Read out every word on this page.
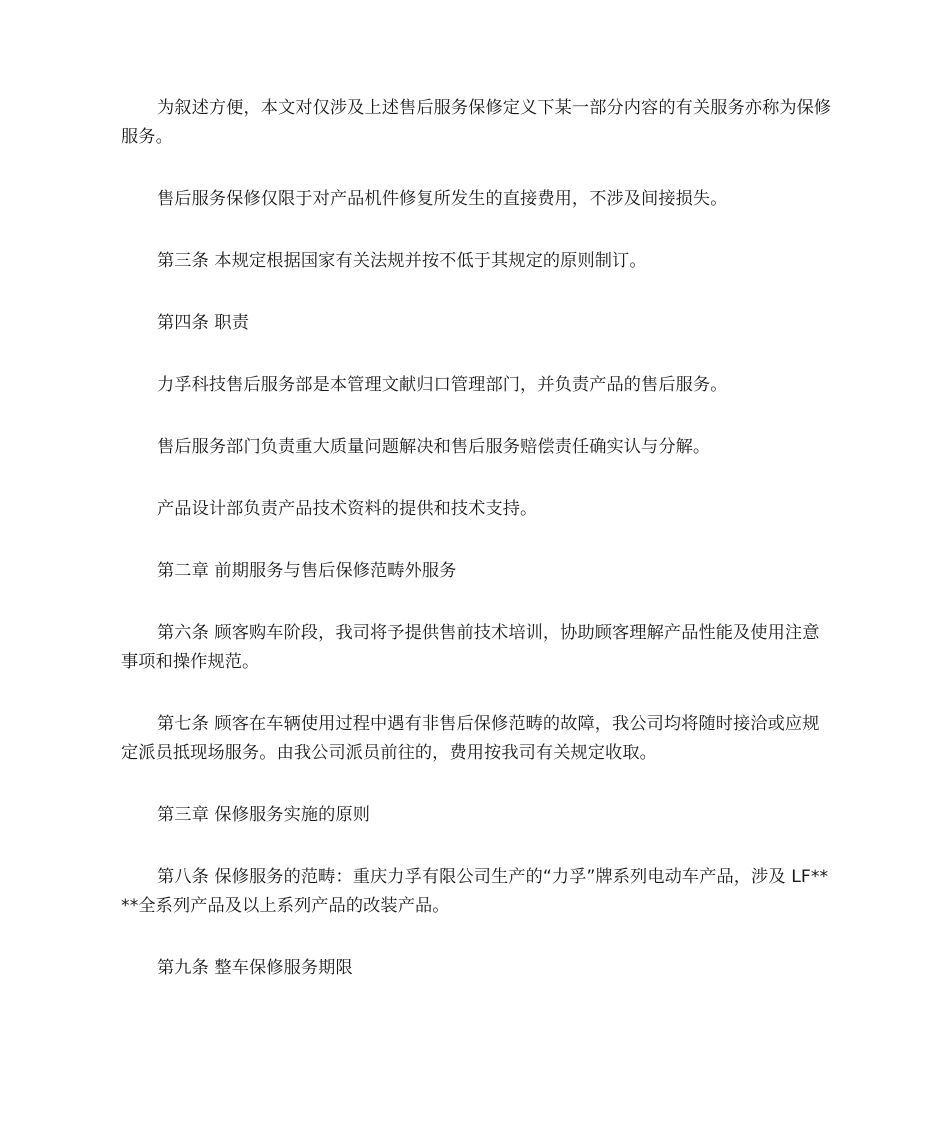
为叙述方便，本文对仅涉及上述售后服务保修定义下某一部分内容的有关服务亦称为保修服务。

售后服务保修仅限于对产品机件修复所发生的直接费用，不涉及间接损失。

第三条 本规定根据国家有关法规并按不低于其规定的原则制订。

第四条 职责

力孚科技售后服务部是本管理文献归口管理部门，并负责产品的售后服务。

售后服务部门负责重大质量问题解决和售后服务赔偿责任确实认与分解。

产品设计部负责产品技术资料的提供和技术支持。

第二章 前期服务与售后保修范畴外服务

第六条 顾客购车阶段，我司将予提供售前技术培训，协助顾客理解产品性能及使用注意事项和操作规范。

第七条 顾客在车辆使用过程中遇有非售后保修范畴的故障，我公司均将随时接洽或应规定派员抵现场服务。由我公司派员前往的，费用按我司有关规定收取。

第三章 保修服务实施的原则

第八条 保修服务的范畴：重庆力孚有限公司生产的“力孚”牌系列电动车产品，涉及 LF****全系列产品及以上系列产品的改装产品。

第九条 整车保修服务期限
